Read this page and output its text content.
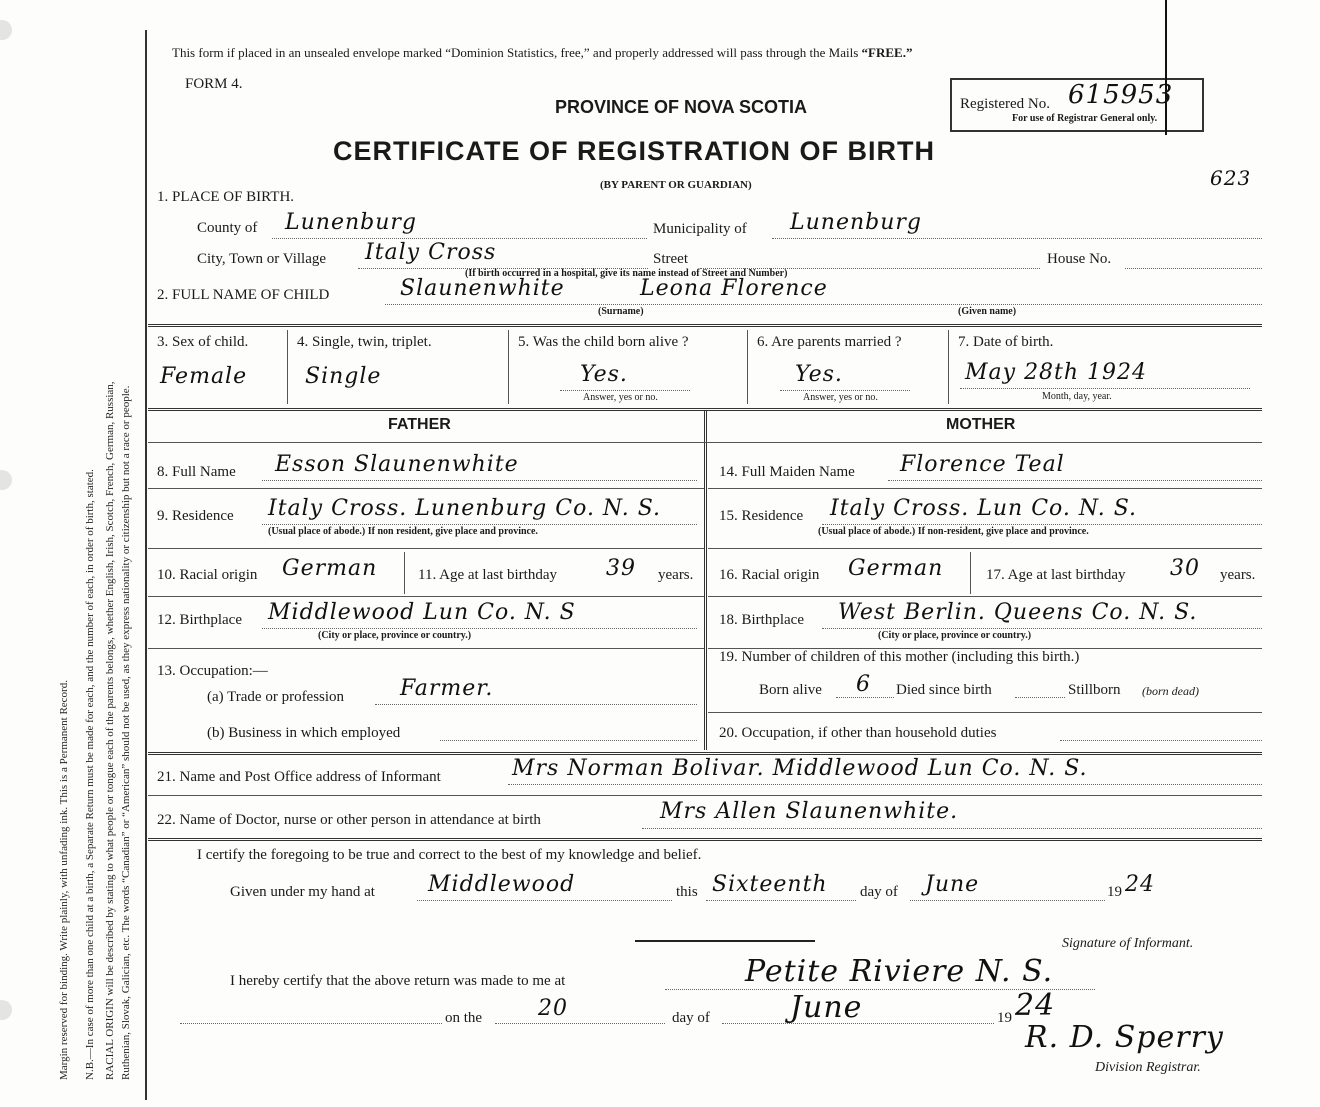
Margin reserved for binding. Write plainly, with unfading ink. This is a Permanent Record. N.B.—In case of more than one child at a birth, a Separate Return must be made for each, and the number of each, in order of birth, stated. RACIAL ORIGIN will be described by stating to what people or tongue each of the parents belongs, whether English, Irish, Scotch, French, German, Russian, Ruthenian, Slovak, Galician, etc. The words “Canadian” or “American” should not be used, as they express nationality or citizenship but not a race or people.
This form if placed in an unsealed envelope marked “Dominion Statistics, free,” and properly addressed will pass through the Mails “FREE.”
FORM 4.
PROVINCE OF NOVA SCOTIA	Registered No. 615953
For use of Registrar General only.
CERTIFICATE OF REGISTRATION OF BIRTH
(BY PARENT OR GUARDIAN)	623
1. PLACE OF BIRTH.
County of Lunenburg	Municipality of Lunenburg
City, Town or Village Italy Cross	Street	House No.
(If birth occurred in a hospital, give its name instead of Street and Number)
2. FULL NAME OF CHILD	Slaunenwhite	Leona Florence
(Surname)	(Given name)
3. Sex of child.
Female
4. Single, twin, triplet.
Single
5. Was the child born alive ?
Yes.
Answer, yes or no.
6. Are parents married ?
Yes.
Answer, yes or no.
7. Date of birth.
May 28th 1924
Month, day, year.
FATHER	MOTHER
8. Full Name Esson Slaunenwhite
9. Residence Italy Cross. Lunenburg Co. N. S.
(Usual place of abode.) If non resident, give place and province.
10. Racial origin German	11. Age at last birthday 39 years.
12. Birthplace Middlewood Lun Co. N. S
(City or place, province or country.)
13. Occupation:—
(a) Trade or profession	Farmer.
(b) Business in which employed
14. Full Maiden Name Florence Teal
15. Residence Italy Cross. Lun Co. N. S.
(Usual place of abode.) If non-resident, give place and province.
16. Racial origin German	17. Age at last birthday 30 years.
18. Birthplace West Berlin. Queens Co. N. S.
(City or place, province or country.)
19. Number of children of this mother (including this birth.)
Born alive 6 Died since birth	Stillborn (born dead)
20. Occupation, if other than household duties
21. Name and Post Office address of Informant	Mrs Norman Bolivar. Middlewood Lun Co. N. S.
22. Name of Doctor, nurse or other person in attendance at birth	Mrs Allen Slaunenwhite.
I certify the foregoing to be true and correct to the best of my knowledge and belief.
Given under my hand at Middlewood	this Sixteenth day of June	19 24
Signature of Informant.
I hereby certify that the above return was made to me at	Petite Riviere N. S.
on the	20	day of	June	19 24
R. D. Sperry
Division Registrar.
